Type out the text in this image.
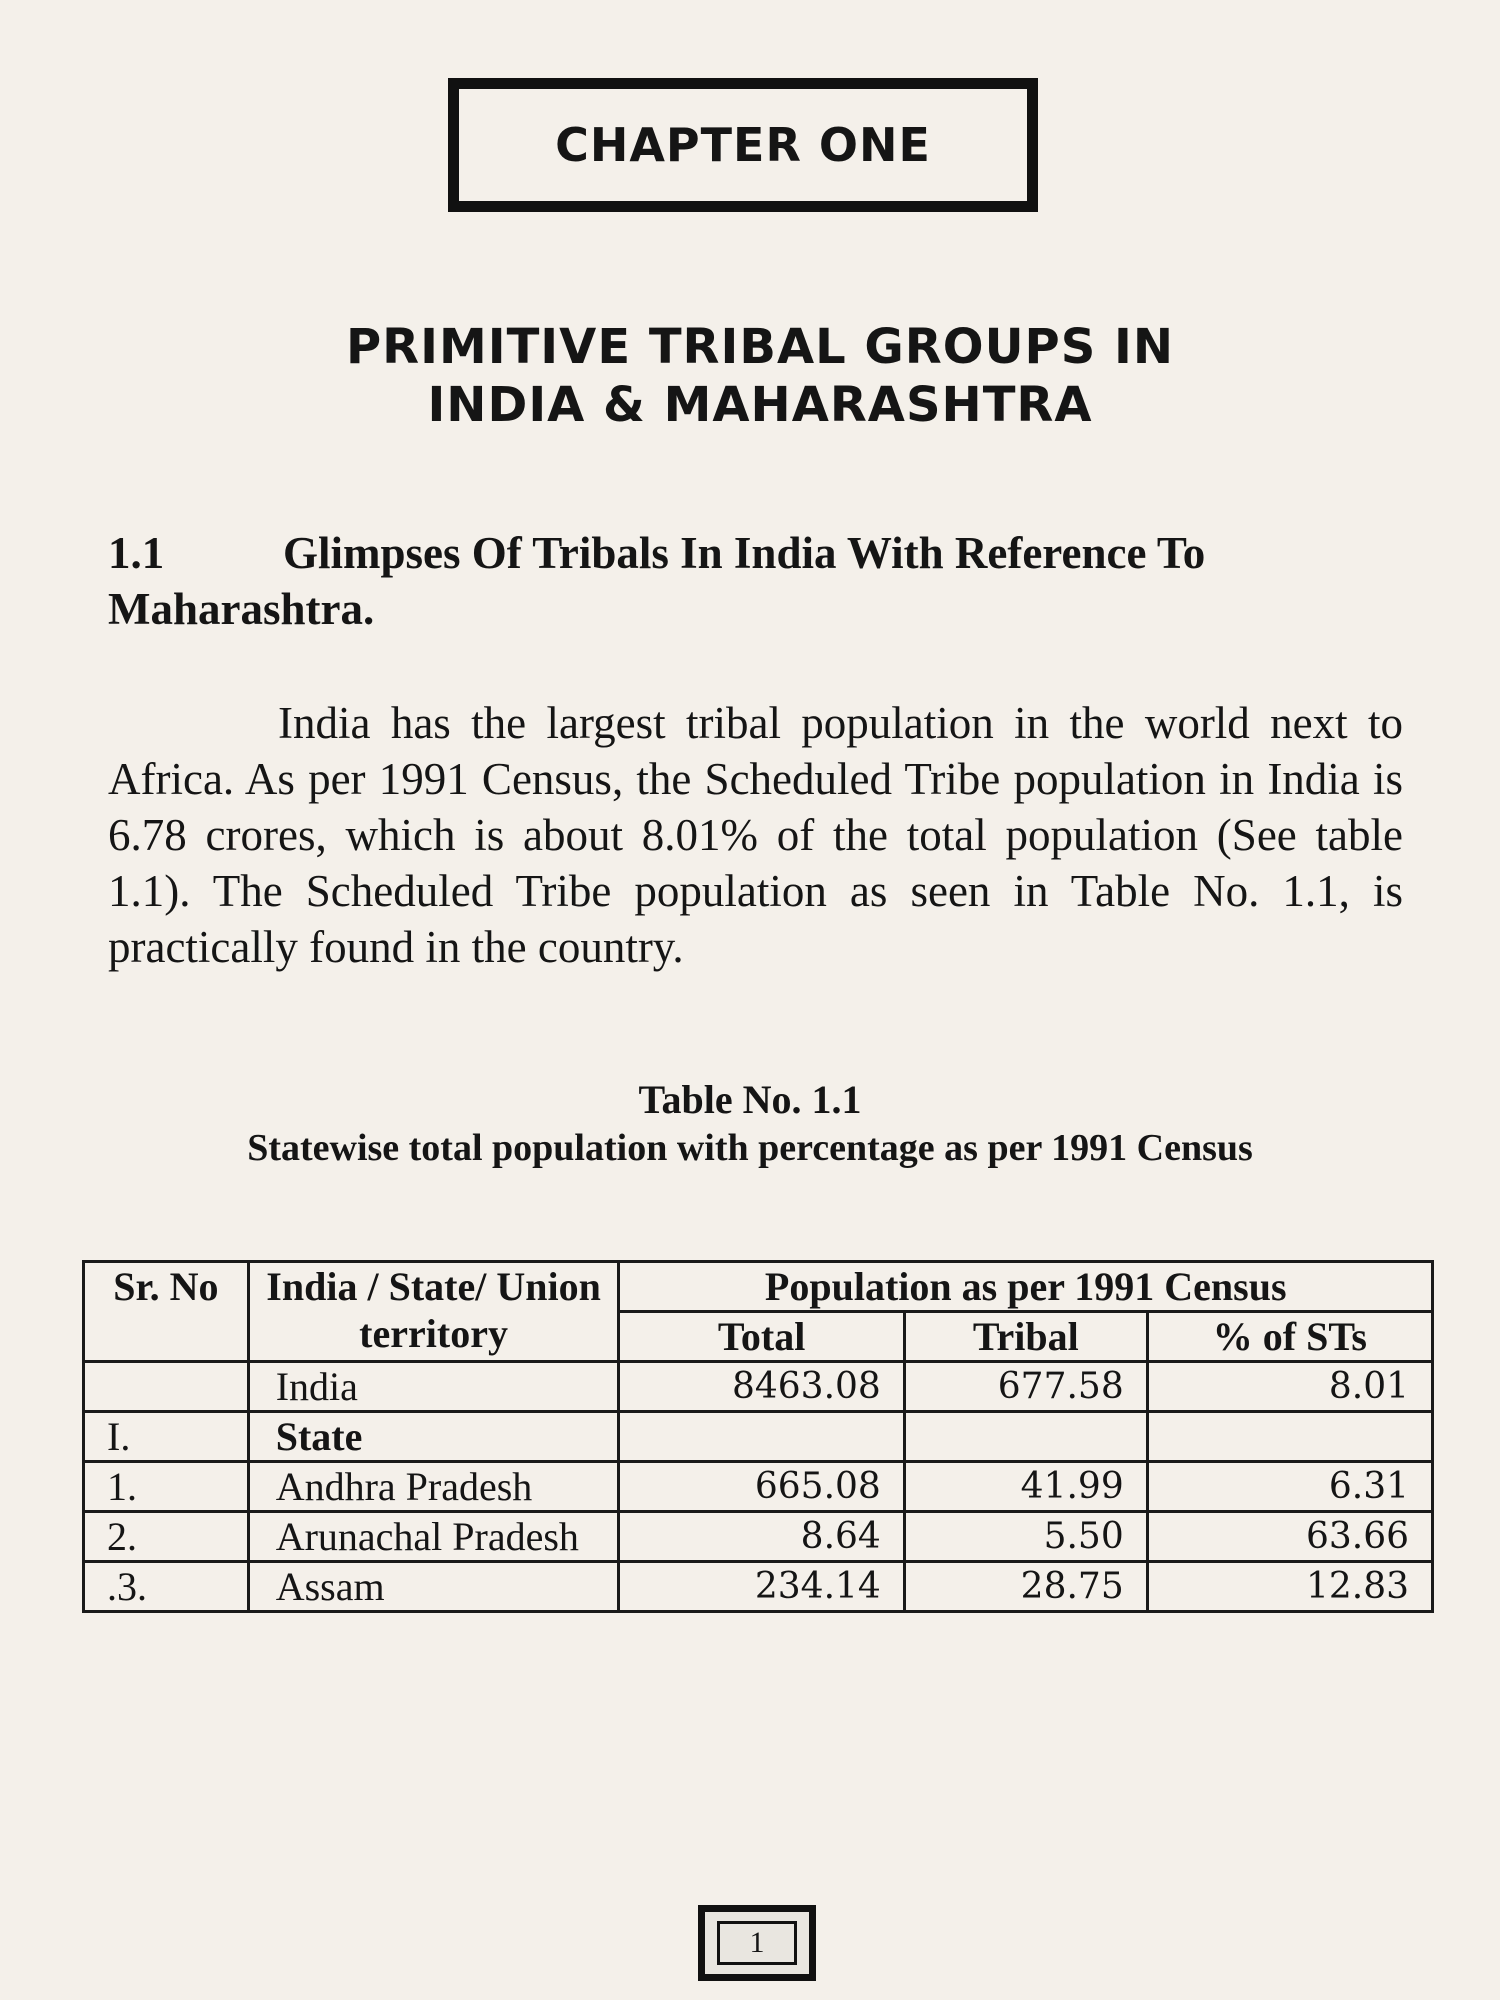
CHAPTER ONE
PRIMITIVE TRIBAL GROUPS IN
INDIA & MAHARASHTRA
1.1	Glimpses Of Tribals In India With Reference To Maharashtra.

India has the largest tribal population in the world next to Africa. As per 1991 Census, the Scheduled Tribe population in India is 6.78 crores, which is about 8.01% of the total population (See table 1.1). The Scheduled Tribe population as seen in Table No. 1.1, is practically found in the country.

Table No. 1.1
Statewise total population with percentage as per 1991 Census
Sr. No	India / State/ Union territory	Population as per 1991 Census		
		Total	Tribal	% of STs
	India	8463.08	677.58	8.01
I.	State			
1.	Andhra Pradesh	665.08	41.99	6.31
2.	Arunachal Pradesh	8.64	5.50	63.66
.3.	Assam	234.14	28.75	12.83
1
